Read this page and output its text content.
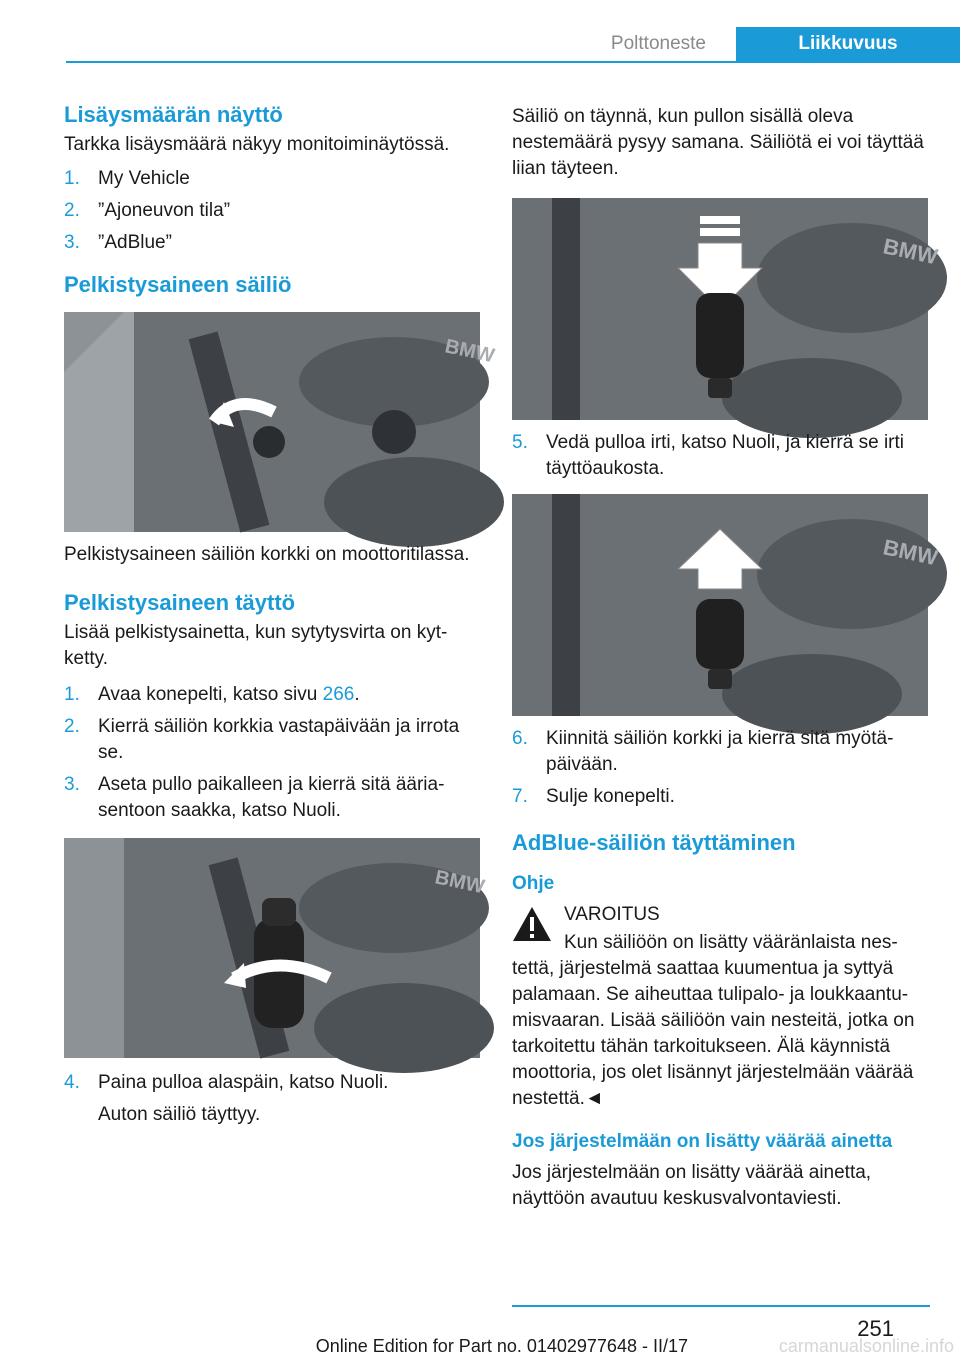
Polttoneste	Liikkuvuus
Lisäysmäärän näyttö

Tarkka lisäysmäärä näkyy monitoiminäytössä.

1. My Vehicle
2. ”Ajoneuvon tila”
3. ”AdBlue”
Pelkistysaineen säiliö
BMW

Pelkistysaineen säiliön korkki on moottoritilassa.

Pelkistysaineen täyttö

Lisää pelkistysainetta, kun sytytysvirta on kytketty.

1. Avaa konepelti, katso sivu 266.
2. Kierrä säiliön korkkia vastapäivään ja irrota se.
3. Aseta pullo paikalleen ja kierrä sitä ääriasentoon saakka, katso Nuoli.
BMW
4. Paina pulloa alaspäin, katso Nuoli.

Auton säiliö täyttyy.

Säiliö on täynnä, kun pullon sisällä oleva nestemäärä pysyy samana. Säiliötä ei voi täyttää liian täyteen.

BMW
5. Vedä pulloa irti, katso Nuoli, ja kierrä se irti täyttöaukosta.
BMW
6. Kiinnitä säiliön korkki ja kierrä sitä myötäpäivään.
7. Sulje konepelti.
AdBlue-säiliön täyttäminen
Ohje

VAROITUS

Kun säiliöön on lisätty vääränlaista nestettä, järjestelmä saattaa kuumentua ja syttyä palamaan. Se aiheuttaa tulipalo- ja loukkaantumisvaaran. Lisää säiliöön vain nesteitä, jotka on tarkoitettu tähän tarkoitukseen. Älä käynnistä moottoria, jos olet lisännyt järjestelmään väärää nestettä.◄

Jos järjestelmään on lisätty väärää ainetta

Jos järjestelmään on lisätty väärää ainetta, näyttöön avautuu keskusvalvontaviesti.

251
Online Edition for Part no. 01402977648 - II/17	carmanualsonline.info
